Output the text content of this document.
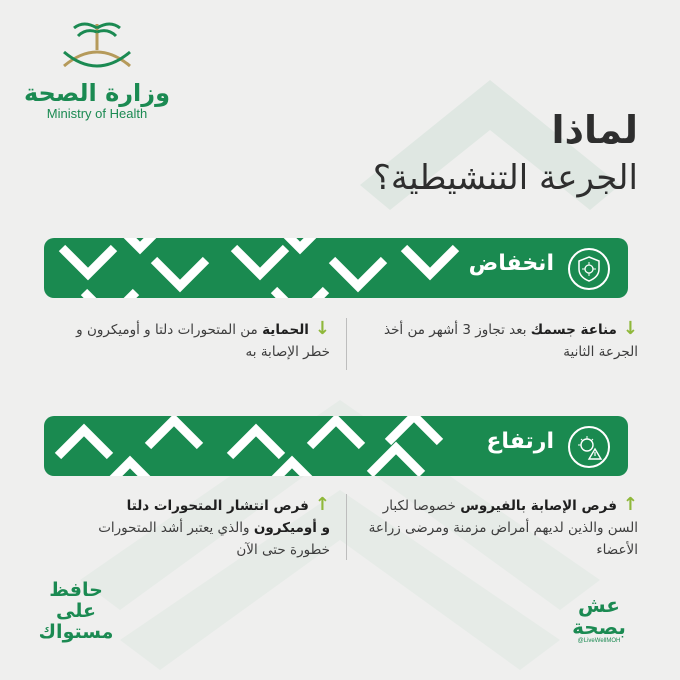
وزارة الصحة
Ministry of Health	لماذا
الجرعة التنشيطية؟
انخفاض
↓مناعة جسمك بعد تجاوز 3 أشهر من أخذ الجرعة الثانية
↓الحماية من المتحورات دلتا و أوميكرون و خطر الإصابة به
ارتفاع
↑فرص الإصابة بالفيروس خصوصا لكبار السن والذين لديهم أمراض مزمنة ومرضى زراعة الأعضاء
↑فرص انتشار المتحورات دلتا
و أوميكرون والذي يعتبر أشد المتحورات خطورة حتى الآن
حافظ
على
مستواك
عش بصحة
@LiveWellMOH
